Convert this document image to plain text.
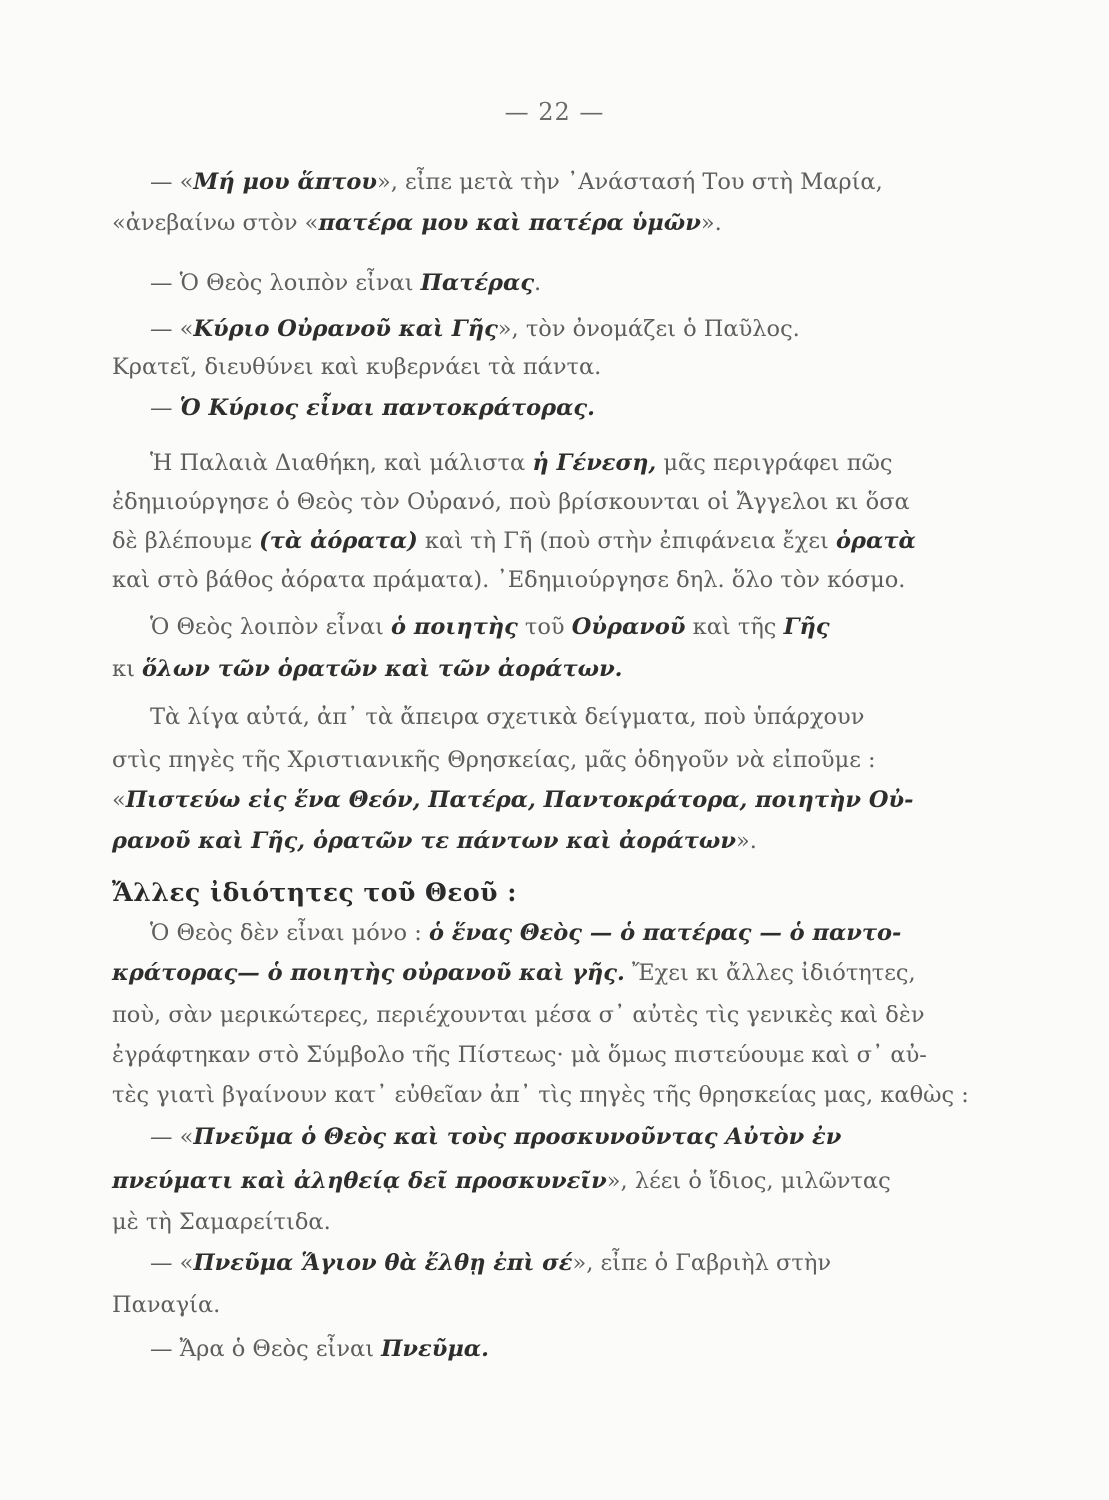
— 22 —
— «Μή μου ἅπτου», εἶπε μετὰ τὴν ᾿Ανάστασή Του στὴ Μαρία,
«ἀνεβαίνω στὸν «πατέρα μου καὶ πατέρα ὑμῶν».
— Ὁ Θεὸς λοιπὸν εἶναι Πατέρας.
— «Κύριο Οὐρανοῦ καὶ Γῆς», τὸν ὀνομάζει ὁ Παῦλος.
Κρατεῖ, διευθύνει καὶ κυβερνάει τὰ πάντα.
— Ὁ Κύριος εἶναι παντοκράτορας.
Ἡ Παλαιὰ Διαθήκη, καὶ μάλιστα ἡ Γένεση, μᾶς περιγράφει πῶς
ἐδημιούργησε ὁ Θεὸς τὸν Οὐρανό, ποὺ βρίσκουνται οἱ Ἄγγελοι κι ὅσα
δὲ βλέπουμε (τὰ ἀόρατα) καὶ τὴ Γῆ (ποὺ στὴν ἐπιφάνεια ἔχει ὁρατὰ
καὶ στὸ βάθος ἀόρατα πράματα). ᾿Εδημιούργησε δηλ. ὅλο τὸν κόσμο.
Ὁ Θεὸς λοιπὸν εἶναι ὁ ποιητὴς τοῦ Οὐρανοῦ καὶ τῆς Γῆς
κι ὅλων τῶν ὁρατῶν καὶ τῶν ἀοράτων.
Τὰ λίγα αὐτά, ἀπ᾿ τὰ ἄπειρα σχετικὰ δείγματα, ποὺ ὑπάρχουν
στὶς πηγὲς τῆς Χριστιανικῆς Θρησκείας, μᾶς ὁδηγοῦν νὰ εἰποῦμε :
«Πιστεύω εἰς ἕνα Θεόν, Πατέρα, Παντοκράτορα, ποιητὴν Οὐ-
ρανοῦ καὶ Γῆς, ὁρατῶν τε πάντων καὶ ἀοράτων».
Ἄλλες ἰδιότητες τοῦ Θεοῦ :
Ὁ Θεὸς δὲν εἶναι μόνο : ὁ ἕνας Θεὸς — ὁ πατέρας — ὁ παντο-
κράτορας— ὁ ποιητὴς οὐρανοῦ καὶ γῆς. Ἔχει κι ἄλλες ἰδιότητες,
ποὺ, σὰν μερικώτερες, περιέχουνται μέσα σ᾿ αὐτὲς τὶς γενικὲς καὶ δὲν
ἐγράφτηκαν στὸ Σύμβολο τῆς Πίστεως· μὰ ὅμως πιστεύουμε καὶ σ᾿ αὐ-
τὲς γιατὶ βγαίνουν κατ᾿ εὐθεῖαν ἀπ᾿ τὶς πηγὲς τῆς θρησκείας μας, καθὼς :
— «Πνεῦμα ὁ Θεὸς καὶ τοὺς προσκυνοῦντας Αὐτὸν ἐν
πνεύματι καὶ ἀληθείᾳ δεῖ προσκυνεῖν», λέει ὁ ἴδιος, μιλῶντας
μὲ τὴ Σαμαρείτιδα.
— «Πνεῦμα Ἅγιον θὰ ἔλθῃ ἐπὶ σέ», εἶπε ὁ Γαβριὴλ στὴν
Παναγία.
— Ἄρα ὁ Θεὸς εἶναι Πνεῦμα.
